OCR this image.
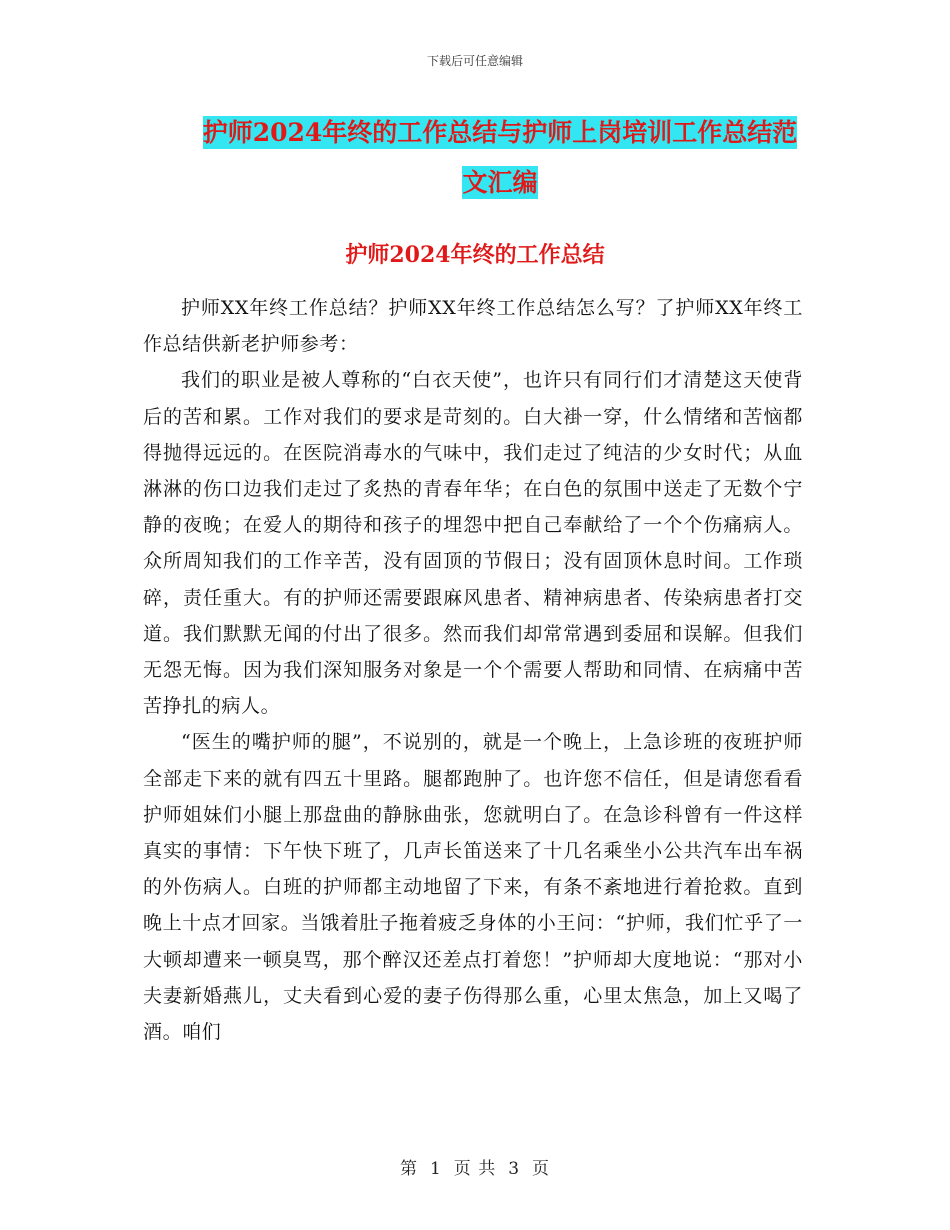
下载后可任意编辑
护师2024年终的工作总结与护师上岗培训工作总结范
文汇编
护师2024年终的工作总结

护师XX年终工作总结？护师XX年终工作总结怎么写？了护师XX年终工作总结供新老护师参考：

我们的职业是被人尊称的“白衣天使”，也许只有同行们才清楚这天使背后的苦和累。工作对我们的要求是苛刻的。白大褂一穿，什么情绪和苦恼都得抛得远远的。在医院消毒水的气味中，我们走过了纯洁的少女时代；从血淋淋的伤口边我们走过了炙热的青春年华；在白色的氛围中送走了无数个宁静的夜晚；在爱人的期待和孩子的埋怨中把自己奉献给了一个个伤痛病人。众所周知我们的工作辛苦，没有固顶的节假日；没有固顶休息时间。工作琐碎，责任重大。有的护师还需要跟麻风患者、精神病患者、传染病患者打交道。我们默默无闻的付出了很多。然而我们却常常遇到委屈和误解。但我们无怨无悔。因为我们深知服务对象是一个个需要人帮助和同情、在病痛中苦苦挣扎的病人。

“医生的嘴护师的腿”，不说别的，就是一个晚上，上急诊班的夜班护师全部走下来的就有四五十里路。腿都跑肿了。也许您不信任，但是请您看看护师姐妹们小腿上那盘曲的静脉曲张，您就明白了。在急诊科曾有一件这样真实的事情：下午快下班了，几声长笛送来了十几名乘坐小公共汽车出车祸的外伤病人。白班的护师都主动地留了下来，有条不紊地进行着抢救。直到晚上十点才回家。当饿着肚子拖着疲乏身体的小王问：“护师，我们忙乎了一大顿却遭来一顿臭骂，那个醉汉还差点打着您！”护师却大度地说：“那对小夫妻新婚燕儿，丈夫看到心爱的妻子伤得那么重，心里太焦急，加上又喝了酒。咱们

第 1 页 共 3 页
